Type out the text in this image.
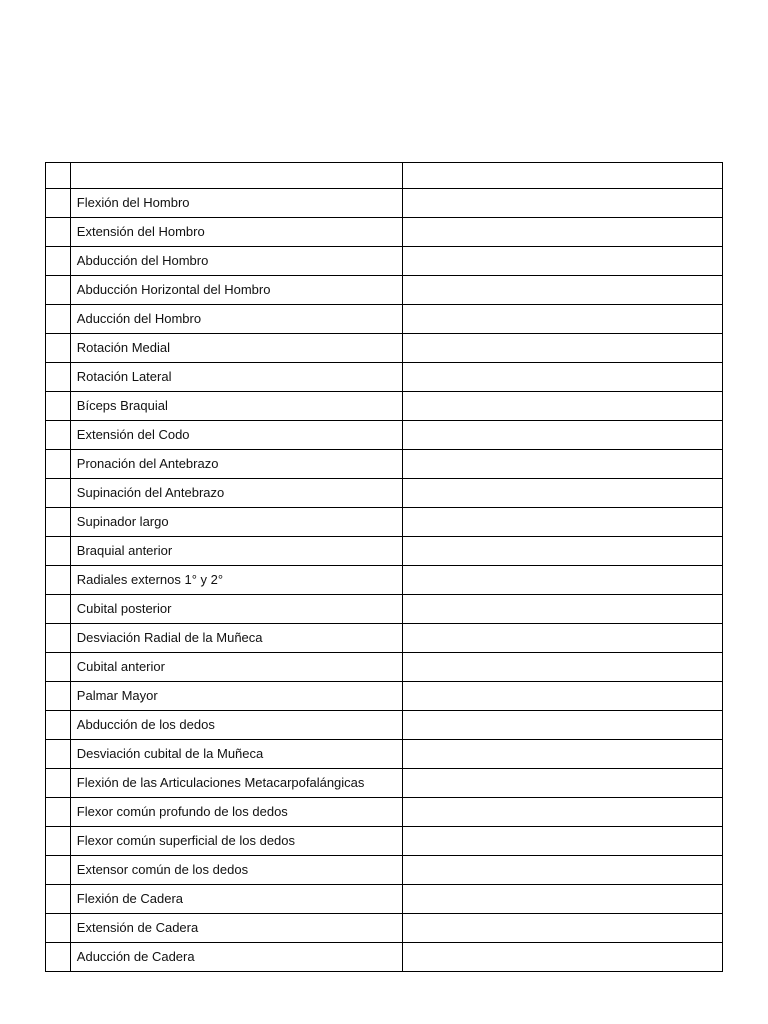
	Flexión del Hombro	
	Extensión del Hombro	
	Abducción del Hombro	
	Abducción Horizontal del Hombro	
	Aducción del Hombro	
	Rotación Medial	
	Rotación Lateral	
	Bíceps Braquial	
	Extensión del Codo	
	Pronación del Antebrazo	
	Supinación del Antebrazo	
	Supinador largo	
	Braquial anterior	
	Radiales externos 1° y 2°	
	Cubital posterior	
	Desviación Radial de la Muñeca	
	Cubital anterior	
	Palmar Mayor	
	Abducción de los dedos	
	Desviación cubital de la Muñeca	
	Flexión de las Articulaciones Metacarpofalángicas	
	Flexor común profundo de los dedos	
	Flexor común superficial de los dedos	
	Extensor común de los dedos	
	Flexión de Cadera	
	Extensión de Cadera	
	Aducción de Cadera	
